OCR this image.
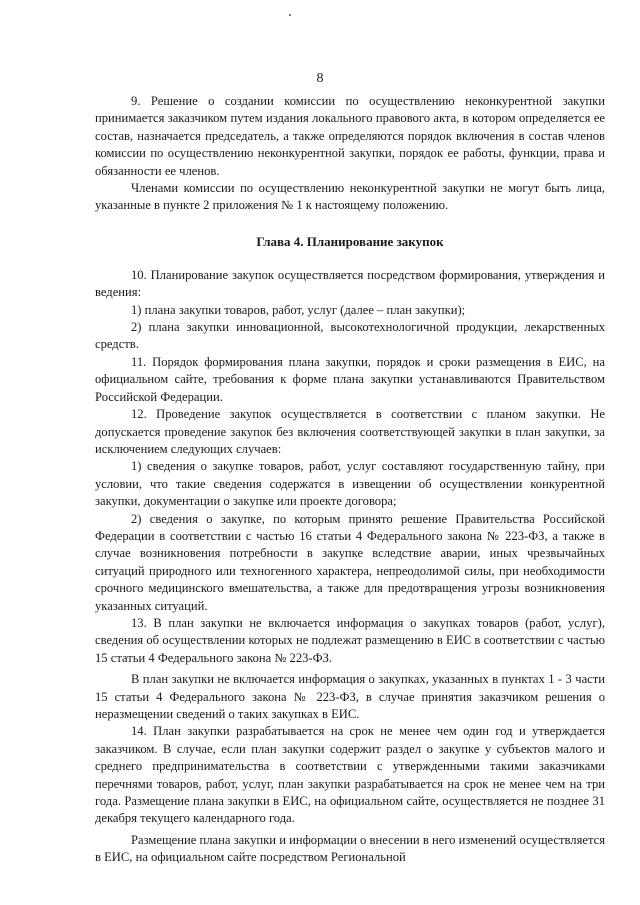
8

9. Решение о создании комиссии по осуществлению неконкурентной закупки принимается заказчиком путем издания локального правового акта, в котором определяется ее состав, назначается председатель, а также определяются порядок включения в состав членов комиссии по осуществлению неконкурентной закупки, порядок ее работы, функции, права и обязанности ее членов.

Членами комиссии по осуществлению неконкурентной закупки не могут быть лица, указанные в пункте 2 приложения № 1 к настоящему положению.

Глава 4. Планирование закупок

10. Планирование закупок осуществляется посредством формирования, утверждения и ведения:

1) плана закупки товаров, работ, услуг (далее – план закупки);

2) плана закупки инновационной, высокотехнологичной продукции, лекарственных средств.

11. Порядок формирования плана закупки, порядок и сроки размещения в ЕИС, на официальном сайте, требования к форме плана закупки устанавливаются Правительством Российской Федерации.

12. Проведение закупок осуществляется в соответствии с планом закупки. Не допускается проведение закупок без включения соответствующей закупки в план закупки, за исключением следующих случаев:

1) сведения о закупке товаров, работ, услуг составляют государственную тайну, при условии, что такие сведения содержатся в извещении об осуществлении конкурентной закупки, документации о закупке или проекте договора;

2) сведения о закупке, по которым принято решение Правительства Российской Федерации в соответствии с частью 16 статьи 4 Федерального закона № 223-ФЗ, а также в случае возникновения потребности в закупке вследствие аварии, иных чрезвычайных ситуаций природного или техногенного характера, непреодолимой силы, при необходимости срочного медицинского вмешательства, а также для предотвращения угрозы возникновения указанных ситуаций.

13. В план закупки не включается информация о закупках товаров (работ, услуг), сведения об осуществлении которых не подлежат размещению в ЕИС в соответствии с частью 15 статьи 4 Федерального закона № 223-ФЗ.

В план закупки не включается информация о закупках, указанных в пунктах 1 - 3 части 15 статьи 4 Федерального закона № 223-ФЗ, в случае принятия заказчиком решения о неразмещении сведений о таких закупках в ЕИС.

14. План закупки разрабатывается на срок не менее чем один год и утверждается заказчиком. В случае, если план закупки содержит раздел о закупке у субъектов малого и среднего предпринимательства в соответствии с утвержденными такими заказчиками перечнями товаров, работ, услуг, план закупки разрабатывается на срок не менее чем на три года. Размещение плана закупки в ЕИС, на официальном сайте, осуществляется не позднее 31 декабря текущего календарного года.

Размещение плана закупки и информации о внесении в него изменений осуществляется в ЕИС, на официальном сайте посредством Региональной
